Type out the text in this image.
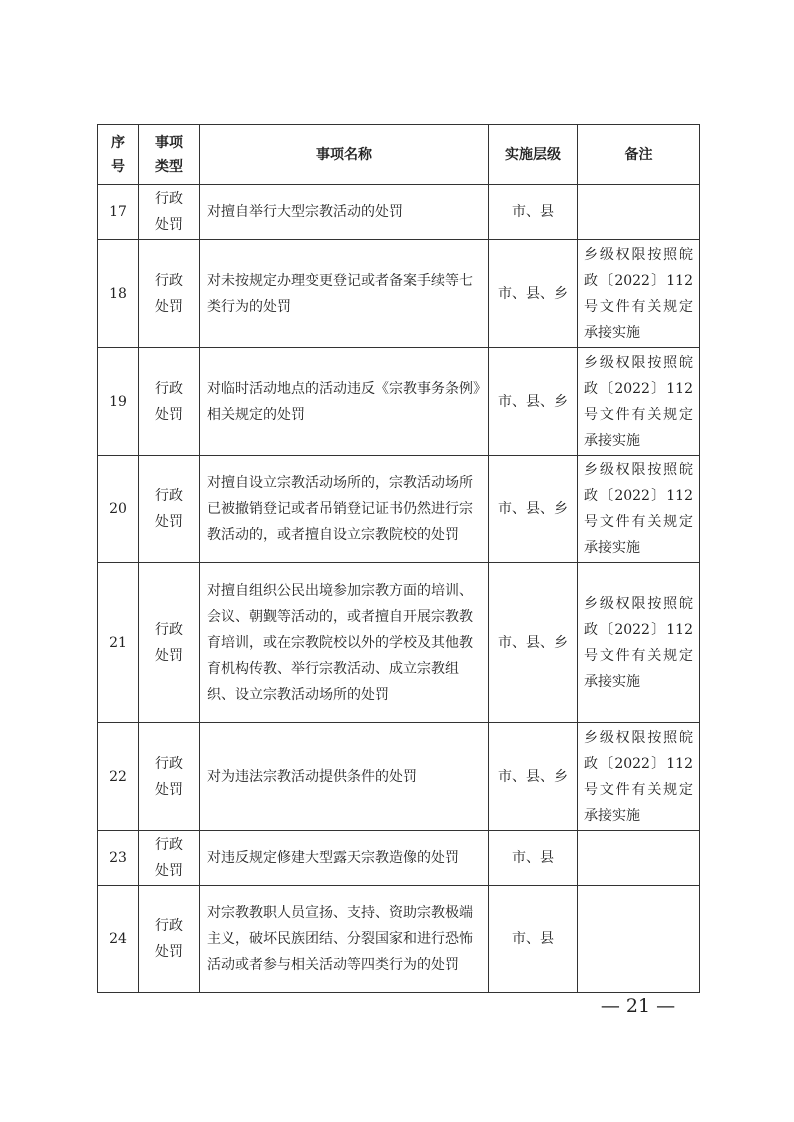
序号	事项类型	事项名称	实施层级	备注
17	行政处罚	对擅自举行大型宗教活动的处罚	市、县	

18	行政处罚	对未按规定办理变更登记或者备案手续等七类行为的处罚	市、县、乡	乡级权限按照皖政〔2022〕112号文件有关规定承接实施

19	行政处罚	对临时活动地点的活动违反《宗教事务条例》相关规定的处罚	市、县、乡	乡级权限按照皖政〔2022〕112号文件有关规定承接实施

20	行政处罚	对擅自设立宗教活动场所的，宗教活动场所已被撤销登记或者吊销登记证书仍然进行宗教活动的，或者擅自设立宗教院校的处罚	市、县、乡	乡级权限按照皖政〔2022〕112号文件有关规定承接实施

21	行政处罚	对擅自组织公民出境参加宗教方面的培训、会议、朝觐等活动的，或者擅自开展宗教教育培训，或在宗教院校以外的学校及其他教育机构传教、举行宗教活动、成立宗教组织、设立宗教活动场所的处罚	市、县、乡	乡级权限按照皖政〔2022〕112号文件有关规定承接实施

22	行政处罚	对为违法宗教活动提供条件的处罚	市、县、乡	乡级权限按照皖政〔2022〕112号文件有关规定承接实施

23	行政处罚	对违反规定修建大型露天宗教造像的处罚	市、县	

24	行政处罚	对宗教教职人员宣扬、支持、资助宗教极端主义，破坏民族团结、分裂国家和进行恐怖活动或者参与相关活动等四类行为的处罚	市、县	
— 21 —
